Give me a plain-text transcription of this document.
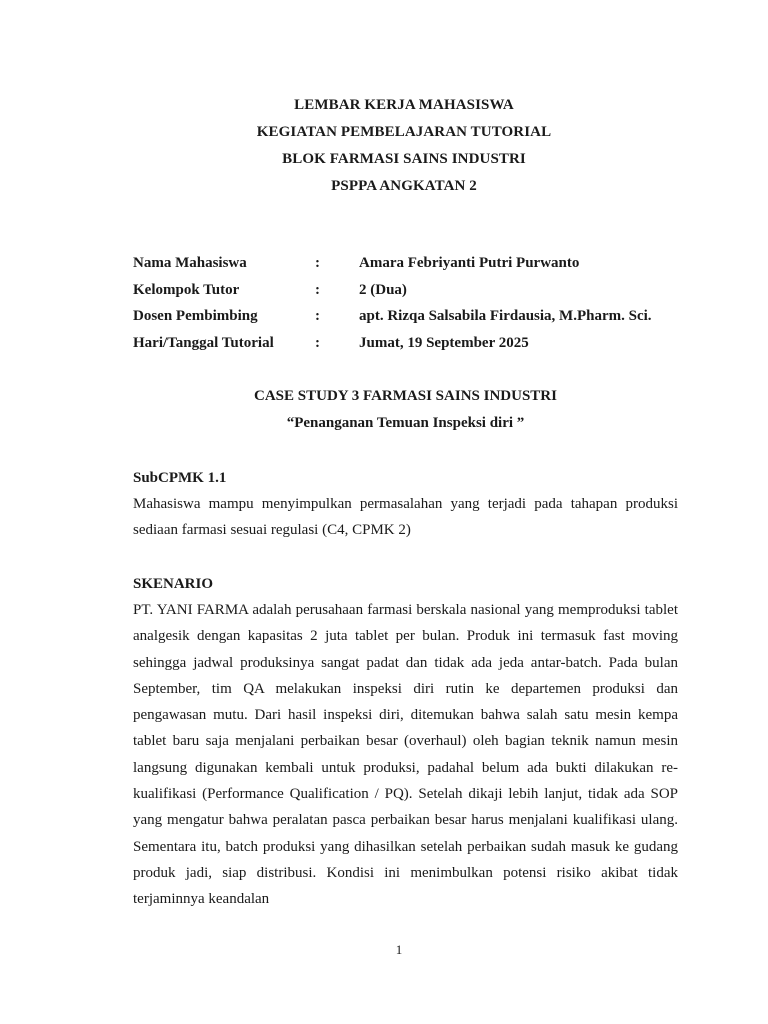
LEMBAR KERJA MAHASISWA
KEGIATAN PEMBELAJARAN TUTORIAL
BLOK FARMASI SAINS INDUSTRI
PSPPA ANGKATAN 2
Nama Mahasiswa	:	Amara Febriyanti Putri Purwanto
Kelompok Tutor	:	2 (Dua)
Dosen Pembimbing	:	apt. Rizqa Salsabila Firdausia, M.Pharm. Sci.
Hari/Tanggal Tutorial	:	Jumat, 19 September 2025
CASE STUDY 3 FARMASI SAINS INDUSTRI
“Penanganan Temuan Inspeksi diri ”
SubCPMK 1.1
Mahasiswa mampu menyimpulkan permasalahan yang terjadi pada tahapan produksi sediaan farmasi sesuai regulasi (C4, CPMK 2)
SKENARIO
PT. YANI FARMA adalah perusahaan farmasi berskala nasional yang memproduksi tablet analgesik dengan kapasitas 2 juta tablet per bulan. Produk ini termasuk fast moving sehingga jadwal produksinya sangat padat dan tidak ada jeda antar-batch. Pada bulan September, tim QA melakukan inspeksi diri rutin ke departemen produksi dan pengawasan mutu. Dari hasil inspeksi diri, ditemukan bahwa salah satu mesin kempa tablet baru saja menjalani perbaikan besar (overhaul) oleh bagian teknik namun mesin langsung digunakan kembali untuk produksi, padahal belum ada bukti dilakukan re- kualifikasi (Performance Qualification / PQ). Setelah dikaji lebih lanjut, tidak ada SOP yang mengatur bahwa peralatan pasca perbaikan besar harus menjalani kualifikasi ulang. Sementara itu, batch produksi yang dihasilkan setelah perbaikan sudah masuk ke gudang produk jadi, siap distribusi. Kondisi ini menimbulkan potensi risiko akibat tidak terjaminnya keandalan
1
